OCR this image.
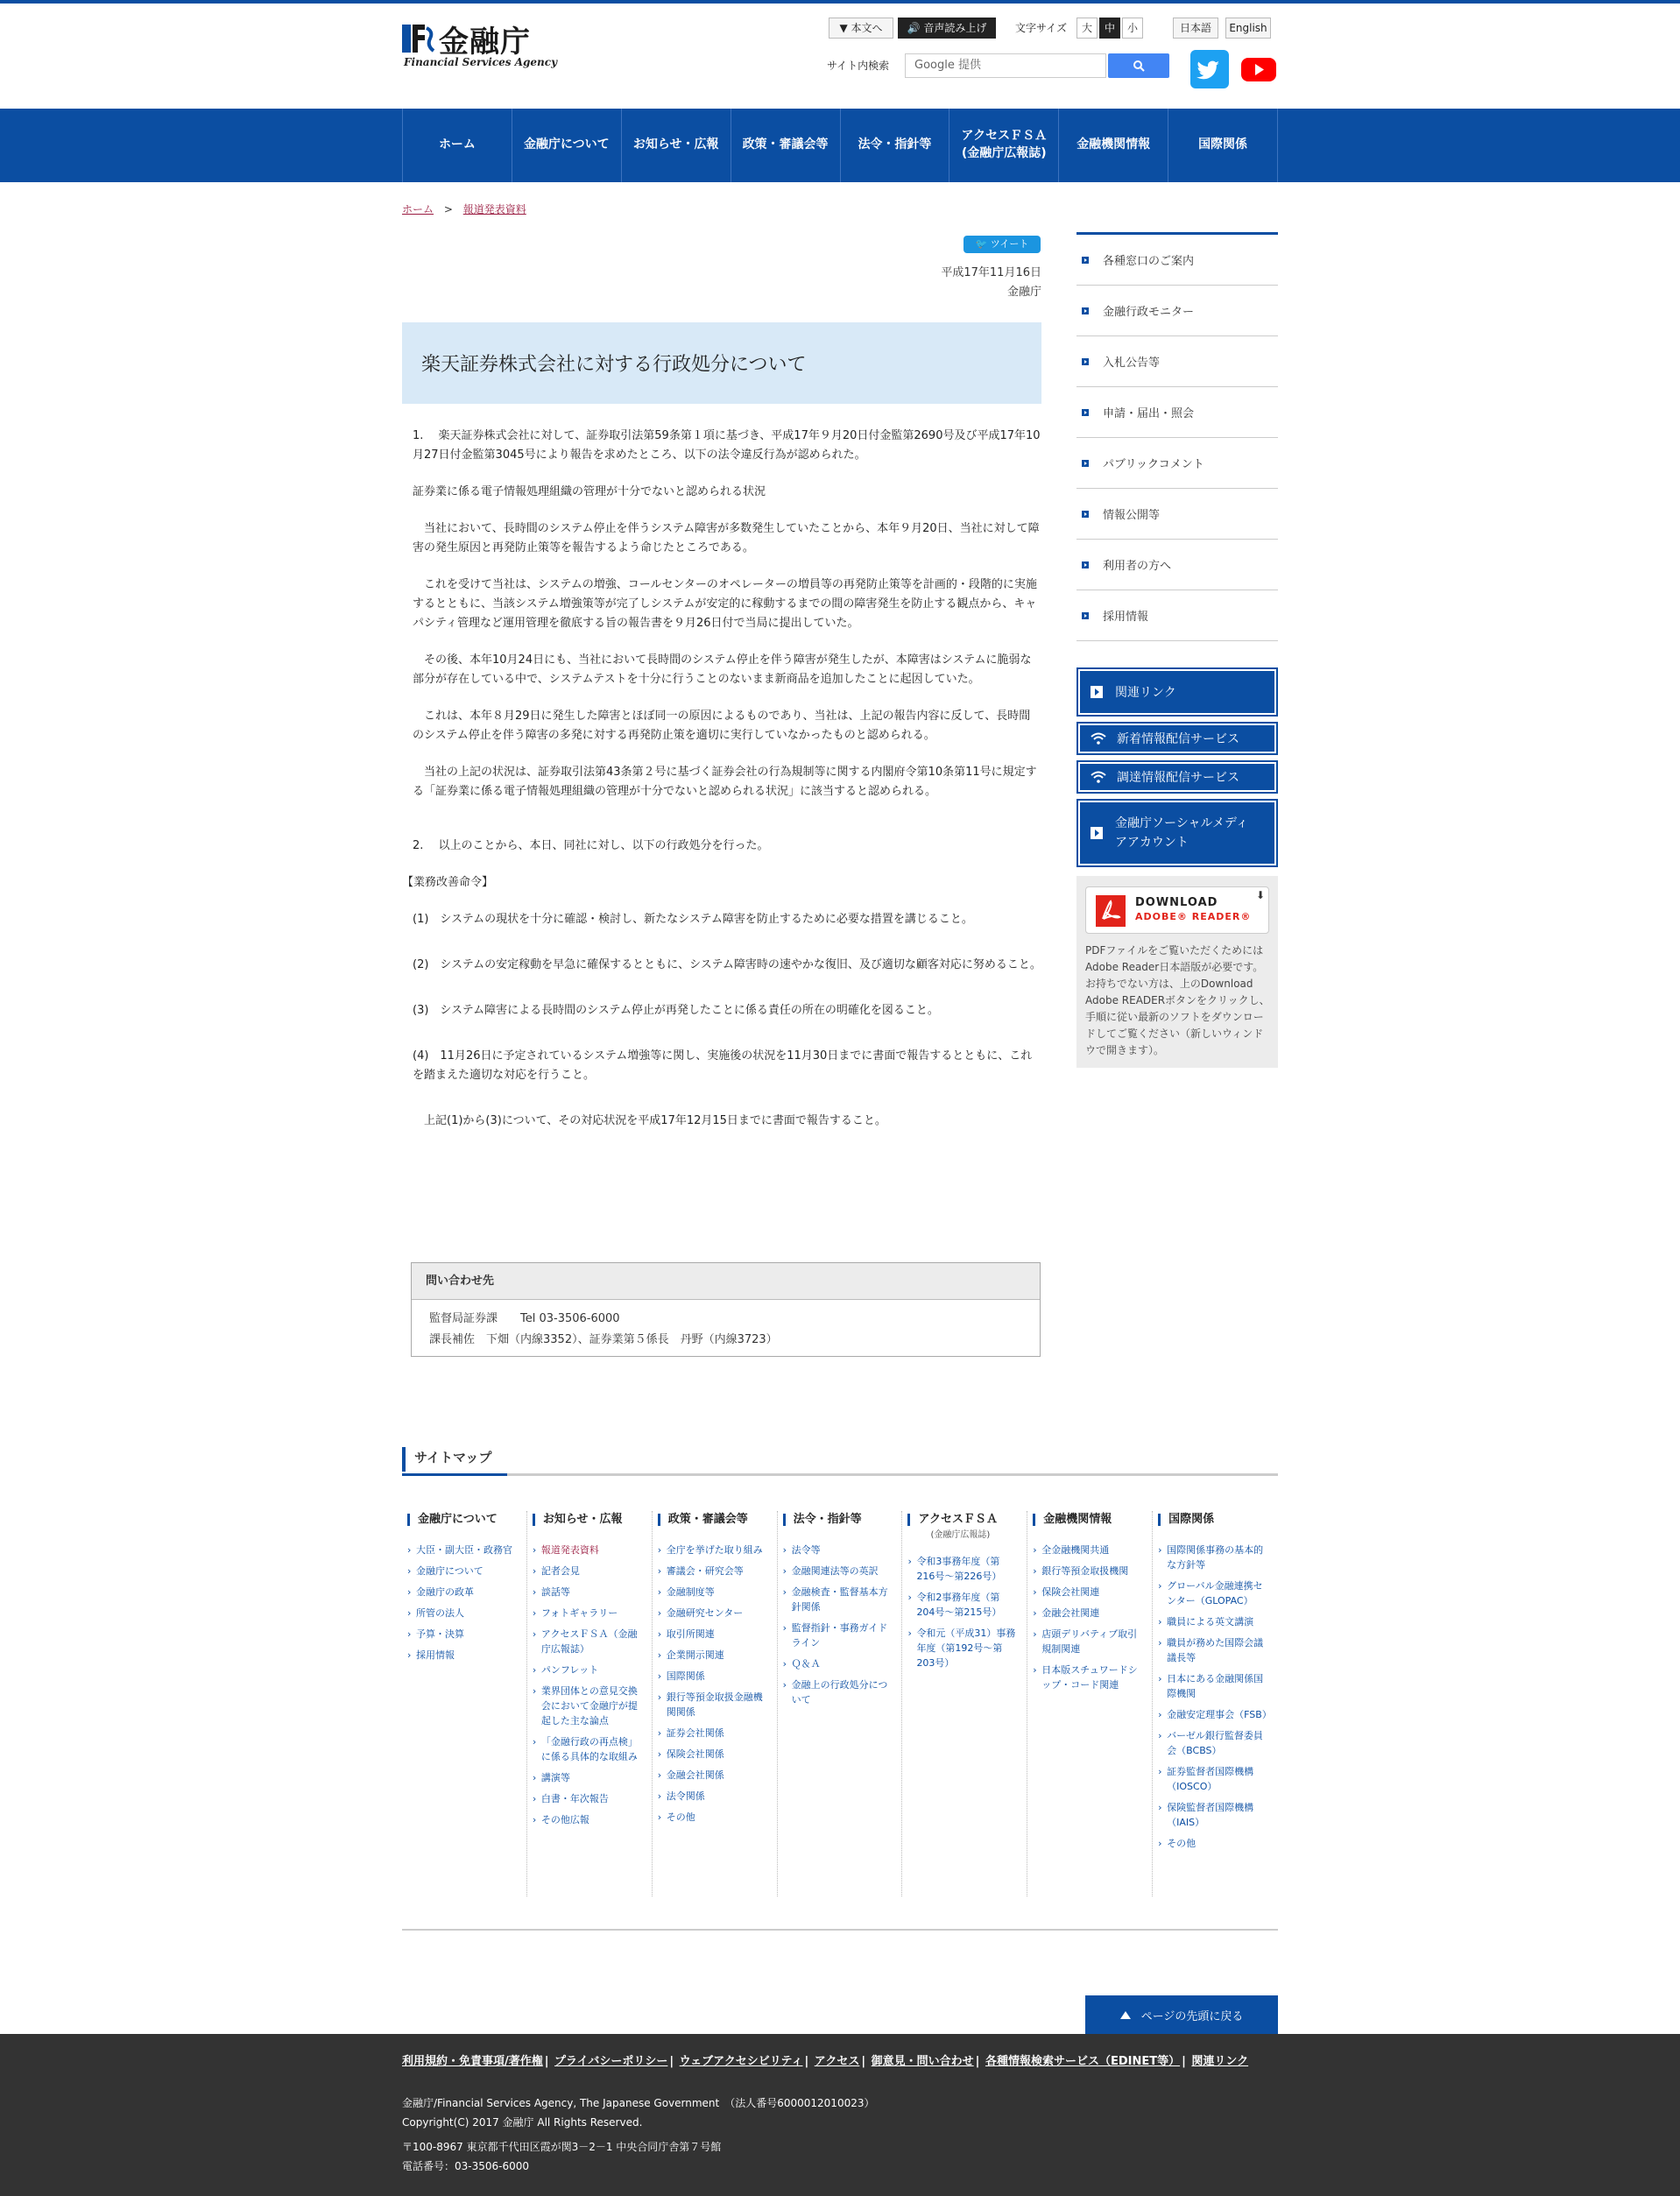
金融庁
Financial Services Agency
▼ 本文へ	🔊 音声読み上げ	文字サイズ	大	中	小	日本語	English
サイト内検索	Google 提供
ホーム	金融庁について	お知らせ・広報	政策・審議会等	法令・指針等
アクセスＦＳＡ
(金融庁広報誌)
金融機関情報	国際関係
ホーム > 報道発表資料
🐦 ツイート
平成17年11月16日
金融庁
楽天証券株式会社に対する行政処分について

1.　 楽天証券株式会社に対して、証券取引法第59条第１項に基づき、平成17年９月20日付金監第2690号及び平成17年10月27日付金監第3045号により報告を求めたところ、以下の法令違反行為が認められた。

証券業に係る電子情報処理組織の管理が十分でないと認められる状況

　当社において、長時間のシステム停止を伴うシステム障害が多数発生していたことから、本年９月20日、当社に対して障害の発生原因と再発防止策等を報告するよう命じたところである。

　これを受けて当社は、システムの増強、コールセンターのオペレーターの増員等の再発防止策等を計画的・段階的に実施するとともに、当該システム増強策等が完了しシステムが安定的に稼動するまでの間の障害発生を防止する観点から、キャパシティ管理など運用管理を徹底する旨の報告書を９月26日付で当局に提出していた。

　その後、本年10月24日にも、当社において長時間のシステム停止を伴う障害が発生したが、本障害はシステムに脆弱な部分が存在している中で、システムテストを十分に行うことのないまま新商品を追加したことに起因していた。

　これは、本年８月29日に発生した障害とほぼ同一の原因によるものであり、当社は、上記の報告内容に反して、長時間のシステム停止を伴う障害の多発に対する再発防止策を適切に実行していなかったものと認められる。

　当社の上記の状況は、証券取引法第43条第２号に基づく証券会社の行為規制等に関する内閣府令第10条第11号に規定する「証券業に係る電子情報処理組織の管理が十分でないと認められる状況」に該当すると認められる。

2.　 以上のことから、本日、同社に対し、以下の行政処分を行った。

【業務改善命令】

(1)　システムの現状を十分に確認・検討し、新たなシステム障害を防止するために必要な措置を講じること。

(2)　システムの安定稼動を早急に確保するとともに、システム障害時の速やかな復旧、及び適切な顧客対応に努めること。

(3)　システム障害による長時間のシステム停止が再発したことに係る責任の所在の明確化を図ること。

(4)　11月26日に予定されているシステム増強等に関し、実施後の状況を11月30日までに書面で報告するとともに、これを踏まえた適切な対応を行うこと。

　上記(1)から(3)について、その対応状況を平成17年12月15日までに書面で報告すること。

問い合わせ先
監督局証券課　　Tel 03-3506-6000
課長補佐　下畑（内線3352）、証券業第５係長　丹野（内線3723）
各種窓口のご案内
金融行政モニター
入札公告等
申請・届出・照会
パブリックコメント
情報公開等
利用者の方へ
採用情報
関連リンク
新着情報配信サービス
調達情報配信サービス
金融庁ソーシャルメディアアカウント
DOWNLOAD
ADOBE® READER®
⬇
PDFファイルをご覧いただくためにはAdobe Reader日本語版が必要です。お持ちでない方は、上のDownload Adobe READERボタンをクリックし、手順に従い最新のソフトをダウンロードしてご覧ください（新しいウィンドウで開きます）。
サイトマップ
金融庁について
› 大臣・副大臣・政務官
› 金融庁について
› 金融庁の政革
› 所管の法人
› 予算・決算
› 採用情報
お知らせ・広報
› 報道発表資料
› 記者会見
› 談話等
› フォトギャラリー
› アクセスＦＳＡ（金融庁広報誌）
› パンフレット
› 業界団体との意見交換会において金融庁が提起した主な論点
› 「金融行政の再点検」に係る具体的な取組み
› 講演等
› 白書・年次報告
› その他広報
政策・審議会等
› 全庁を挙げた取り組み
› 審議会・研究会等
› 金融制度等
› 金融研究センター
› 取引所関連
› 企業開示関連
› 国際関係
› 銀行等預金取扱金融機関関係
› 証券会社関係
› 保険会社関係
› 金融会社関係
› 法令関係
› その他
法令・指針等
› 法令等
› 金融関連法等の英訳
› 金融検査・監督基本方針関係
› 監督指針・事務ガイドライン
› Ｑ＆Ａ
› 金融上の行政処分について
アクセスＦＳＡ
(金融庁広報誌)
› 令和3事務年度（第216号〜第226号）
› 令和2事務年度（第204号〜第215号）
› 令和元（平成31）事務年度（第192号〜第203号）
金融機関情報
› 全金融機関共通
› 銀行等預金取扱機関
› 保険会社関連
› 金融会社関連
› 店頭デリバティブ取引規制関連
› 日本版スチュワードシップ・コード関連
国際関係
› 国際関係事務の基本的な方針等
› グローバル金融連携センター（GLOPAC）
› 職員による英文講演
› 職員が務めた国際会議議長等
› 日本にある金融関係国際機関
› 金融安定理事会（FSB）
› バーゼル銀行監督委員会（BCBS）
› 証券監督者国際機構（IOSCO）
› 保険監督者国際機構（IAIS）
› その他
ページの先頭に戻る
利用規約・免責事項/著作権 | プライバシーポリシー | ウェブアクセシビリティ | アクセス | 御意見・問い合わせ | 各種情報検索サービス（EDINET等） | 関連リンク
金融庁/Financial Services Agency, The Japanese Government　（法人番号6000012010023）
Copyright(C) 2017 金融庁 All Rights Reserved.
〒100-8967 東京都千代田区霞が関3－2－1 中央合同庁舎第７号館
電話番号：03-3506-6000
